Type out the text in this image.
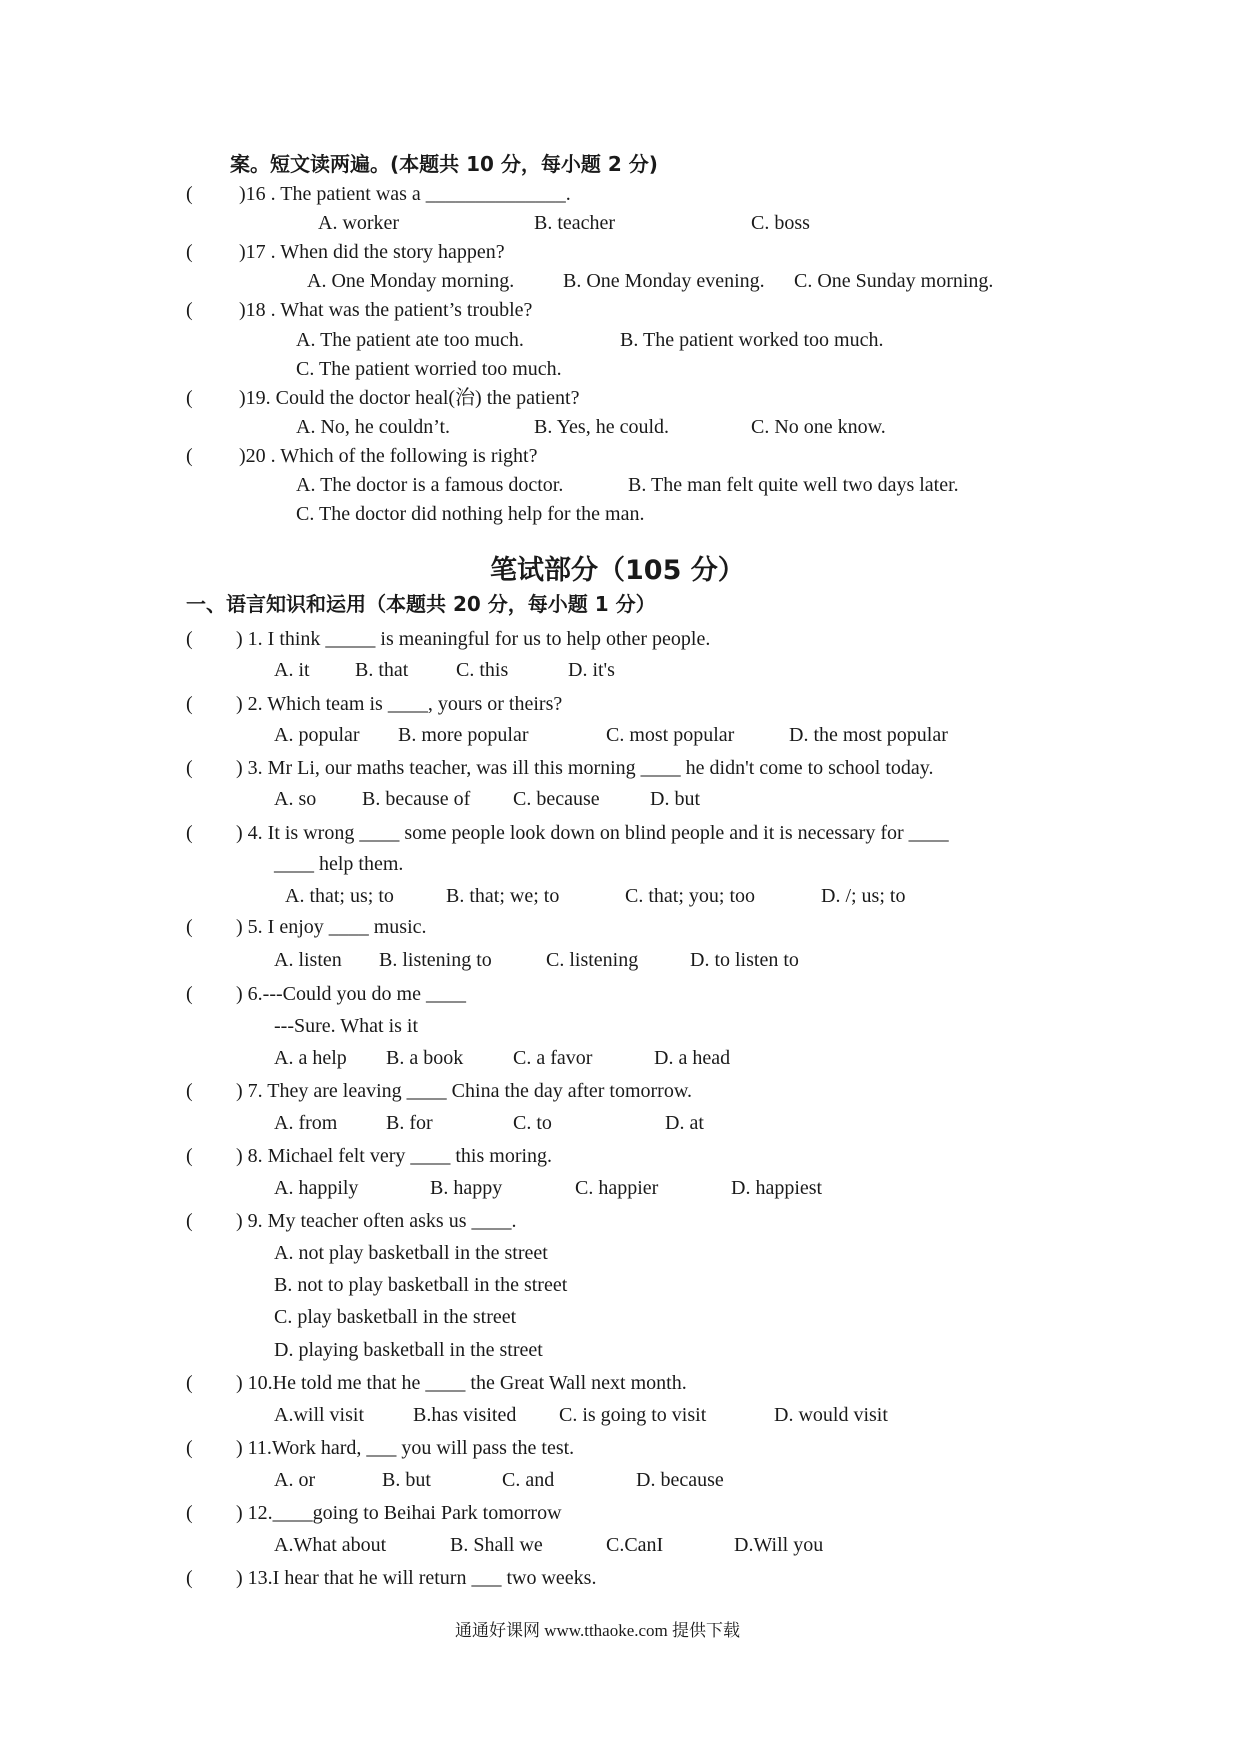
案。短文读两遍。(本题共 10 分，每小题 2 分)
( )16 . The patient was a ______________.
A. worker	B. teacher	C. boss
( )17 . When did the story happen?
A. One Monday morning. B. One Monday evening. C. One Sunday morning.
( )18 . What was the patient’s trouble?
A. The patient ate too much.	B. The patient worked too much.
C. The patient worried too much.
( )19. Could the doctor heal(治) the patient?
A. No, he couldn’t.	B. Yes, he could.	C. No one know.
( )20 . Which of the following is right?
A. The doctor is a famous doctor.	B. The man felt quite well two days later.
C. The doctor did nothing help for the man.
笔试部分（105 分）
一、语言知识和运用（本题共 20 分，每小题 1 分）
( ) 1. I think _____ is meaningful for us to help other people.
A. it B. that C. this	D. it's
( ) 2. Which team is ____, yours or theirs?
A. popular B. more popular	C. most popular	D. the most popular
( ) 3. Mr Li, our maths teacher, was ill this morning ____ he didn't come to school today.
A. so B. because of C. because	D. but
( ) 4. It is wrong ____ some people look down on blind people and it is necessary for ____
____ help them.
A. that; us; to	B. that; we; to	C. that; you; too	D. /; us; to
( ) 5. I enjoy ____ music.
A. listen B. listening to	C. listening	D. to listen to
( ) 6.---Could you do me ____
---Sure. What is it
A. a help B. a book C. a favor	D. a head
( ) 7. They are leaving ____ China the day after tomorrow.
A. from B. for	C. to	D. at
( ) 8. Michael felt very ____ this moring.
A. happily	B. happy	C. happier	D. happiest
( ) 9. My teacher often asks us ____.
A. not play basketball in the street
B. not to play basketball in the street
C. play basketball in the street
D. playing basketball in the street
( ) 10.He told me that he ____ the Great Wall next month.
A.will visit B.has visited C. is going to visit	D. would visit
( ) 11.Work hard, ___ you will pass the test.
A. or	B. but	C. and	D. because
( ) 12.____going to Beihai Park tomorrow
A.What about	B. Shall we	C.CanI	D.Will you
( ) 13.I hear that he will return ___ two weeks.
通通好课网 www.tthaoke.com 提供下载
